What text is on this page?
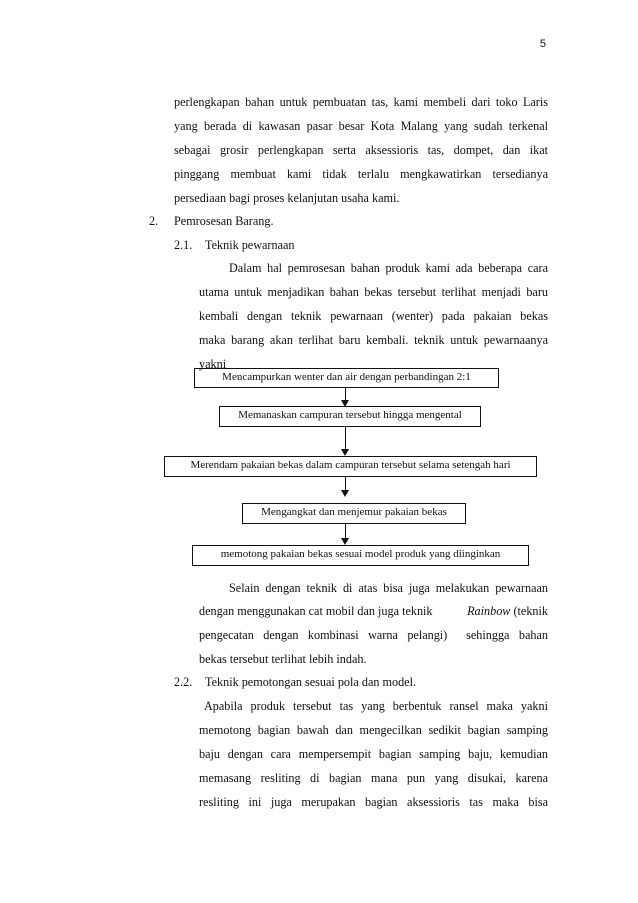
5
perlengkapan bahan untuk pembuatan tas, kami membeli dari toko Laris
yang berada di kawasan pasar besar Kota Malang yang sudah terkenal
sebagai grosir perlengkapan serta aksessioris tas, dompet, dan ikat
pinggang membuat kami tidak terlalu mengkawatirkan tersedianya
persediaan bagi proses kelanjutan usaha kami.
2. Pemrosesan Barang.
2.1. Teknik pewarnaan
Dalam hal pemrosesan bahan produk kami ada beberapa cara
utama untuk menjadikan bahan bekas tersebut terlihat menjadi baru
kembali dengan teknik pewarnaan (wenter) pada pakaian bekas
maka barang akan terlihat baru kembali. teknik untuk pewarnaanya
yakni
Mencampurkan wenter dan air dengan perbandingan 2:1
Memanaskan campuran tersebut hingga mengental
Merendam pakaian bekas dalam campuran tersebut selama setengah hari
Mengangkat dan menjemur pakaian bekas
memotong pakaian bekas sesuai model produk yang diinginkan
Selain dengan teknik di atas bisa juga melakukan pewarnaan
dengan menggunakan cat mobil dan juga teknik	Rainbow (teknik
pengecatan dengan kombinasi warna pelangi)  sehingga bahan
bekas tersebut terlihat lebih indah.
2.2. Teknik pemotongan sesuai pola dan model.
Apabila produk tersebut tas yang berbentuk ransel maka yakni
memotong bagian bawah dan mengecilkan sedikit bagian samping
baju dengan cara mempersempit bagian samping baju, kemudian
memasang resliting di bagian mana pun yang disukai, karena
resliting ini juga merupakan bagian aksessioris tas maka bisa
